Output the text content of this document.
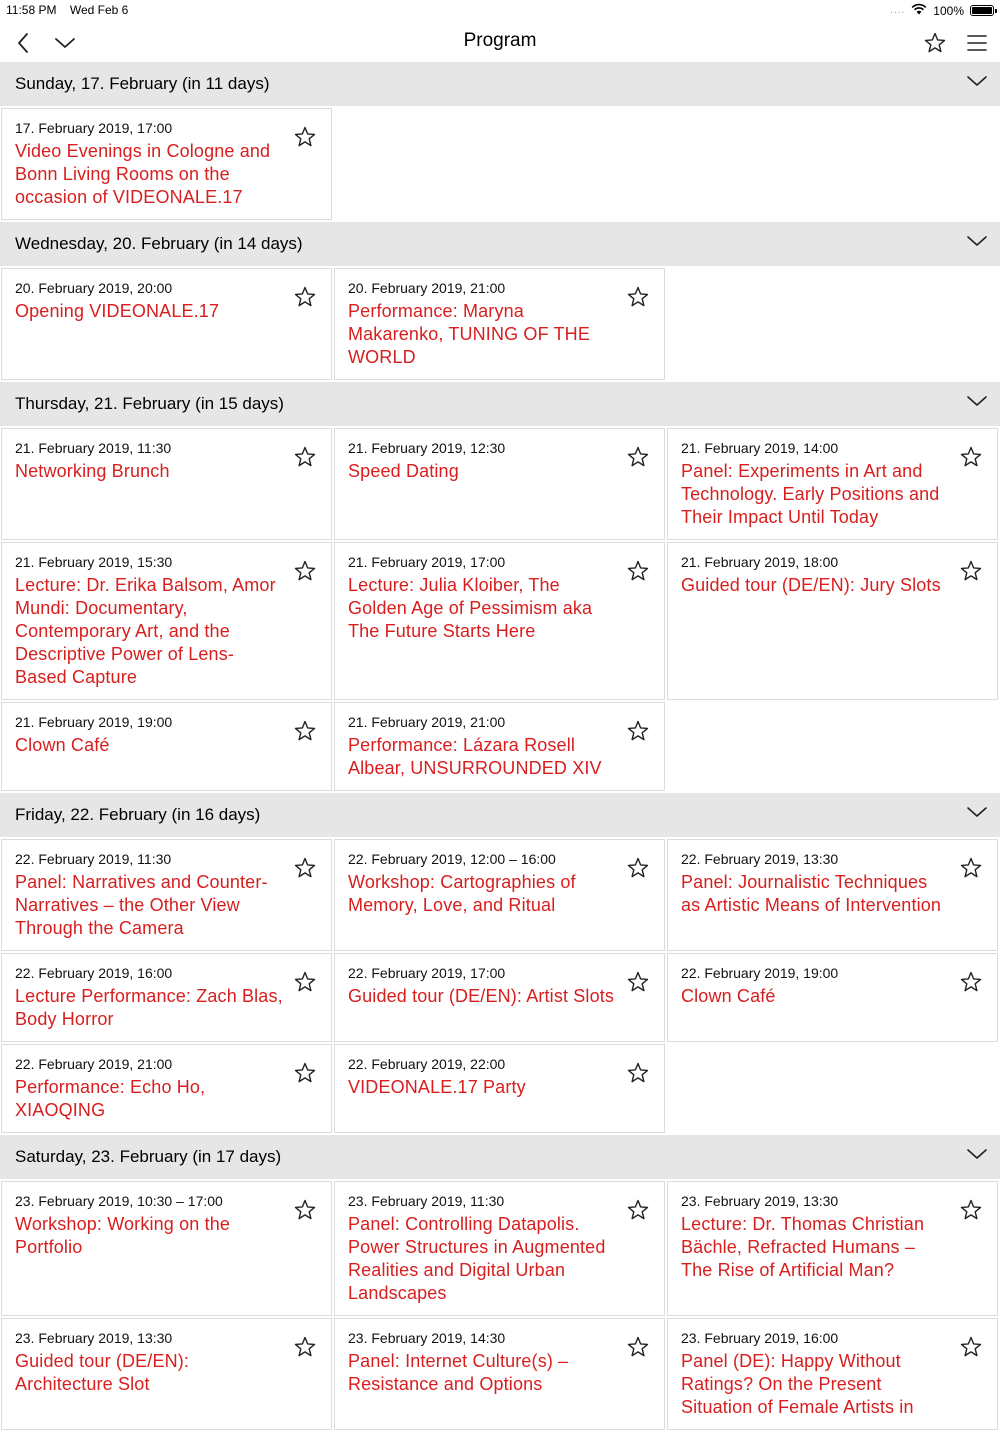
11:58 PM Wed Feb 6	.... 100%
Program
Sunday, 17. February (in 11 days)
17. February 2019, 17:00
Video Evenings in Cologne and Bonn Living Rooms on the occasion of VIDEONALE.17
Wednesday, 20. February (in 14 days)
20. February 2019, 20:00
Opening VIDEONALE.17
20. February 2019, 21:00
Performance: Maryna Makarenko, TUNING OF THE WORLD
Thursday, 21. February (in 15 days)
21. February 2019, 11:30
Networking Brunch
21. February 2019, 12:30
Speed Dating
21. February 2019, 14:00
Panel: Experiments in Art and Technology. Early Positions and Their Impact Until Today
21. February 2019, 15:30
Lecture: Dr. Erika Balsom, Amor Mundi: Documentary, Contemporary Art, and the Descriptive Power of Lens-Based Capture
21. February 2019, 17:00
Lecture: Julia Kloiber, The Golden Age of Pessimism aka The Future Starts Here
21. February 2019, 18:00
Guided tour (DE/EN): Jury Slots
21. February 2019, 19:00
Clown Café
21. February 2019, 21:00
Performance: Lázara Rosell Albear, UNSURROUNDED XIV
Friday, 22. February (in 16 days)
22. February 2019, 11:30
Panel: Narratives and Counter-Narratives – the Other View Through the Camera
22. February 2019, 12:00 – 16:00
Workshop: Cartographies of Memory, Love, and Ritual
22. February 2019, 13:30
Panel: Journalistic Techniques as Artistic Means of Intervention
22. February 2019, 16:00
Lecture Performance: Zach Blas, Body Horror
22. February 2019, 17:00
Guided tour (DE/EN): Artist Slots
22. February 2019, 19:00
Clown Café
22. February 2019, 21:00
Performance: Echo Ho, XIAOQING
22. February 2019, 22:00
VIDEONALE.17 Party
Saturday, 23. February (in 17 days)
23. February 2019, 10:30 – 17:00
Workshop: Working on the Portfolio
23. February 2019, 11:30
Panel: Controlling Datapolis. Power Structures in Augmented Realities and Digital Urban Landscapes
23. February 2019, 13:30
Lecture: Dr. Thomas Christian Bächle, Refracted Humans – The Rise of Artificial Man?
23. February 2019, 13:30
Guided tour (DE/EN): Architecture Slot
23. February 2019, 14:30
Panel: Internet Culture(s) – Resistance and Options
23. February 2019, 16:00
Panel (DE): Happy Without Ratings? On the Present Situation of Female Artists in
